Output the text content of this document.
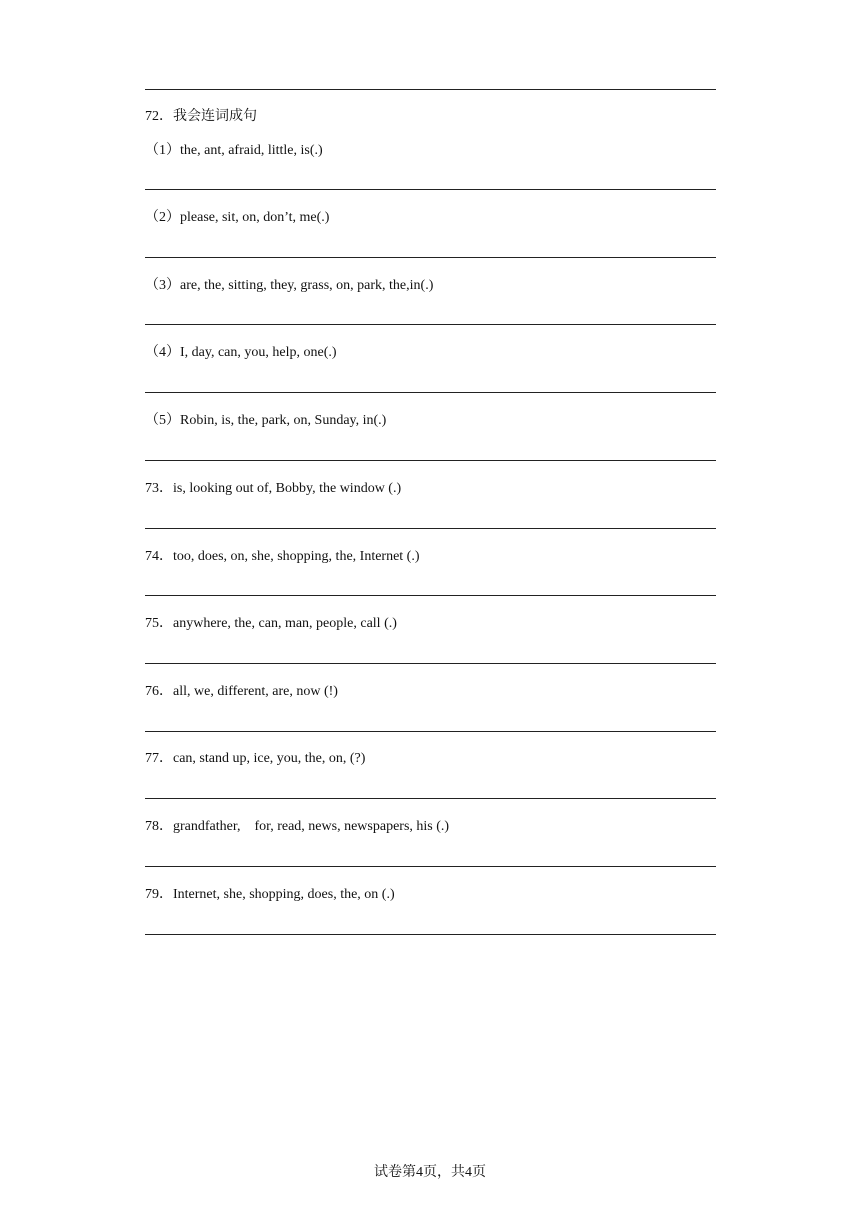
72．我会连词成句
（1）the, ant, afraid, little, is(.)
（2）please, sit, on, don’t, me(.)
（3）are, the, sitting, they, grass, on, park, the,in(.)
（4）I, day, can, you, help, one(.)
（5）Robin, is, the, park, on, Sunday, in(.)
73．is, looking out of, Bobby, the window (.)
74．too, does, on, she, shopping, the, Internet (.)
75．anywhere, the, can, man, people, call (.)
76．all, we, different, are, now (!)
77．can, stand up, ice, you, the, on, (?)
78．grandfather,　for, read, news, newspapers, his (.)
79．Internet, she, shopping, does, the, on (.)
试卷第4页，共4页
